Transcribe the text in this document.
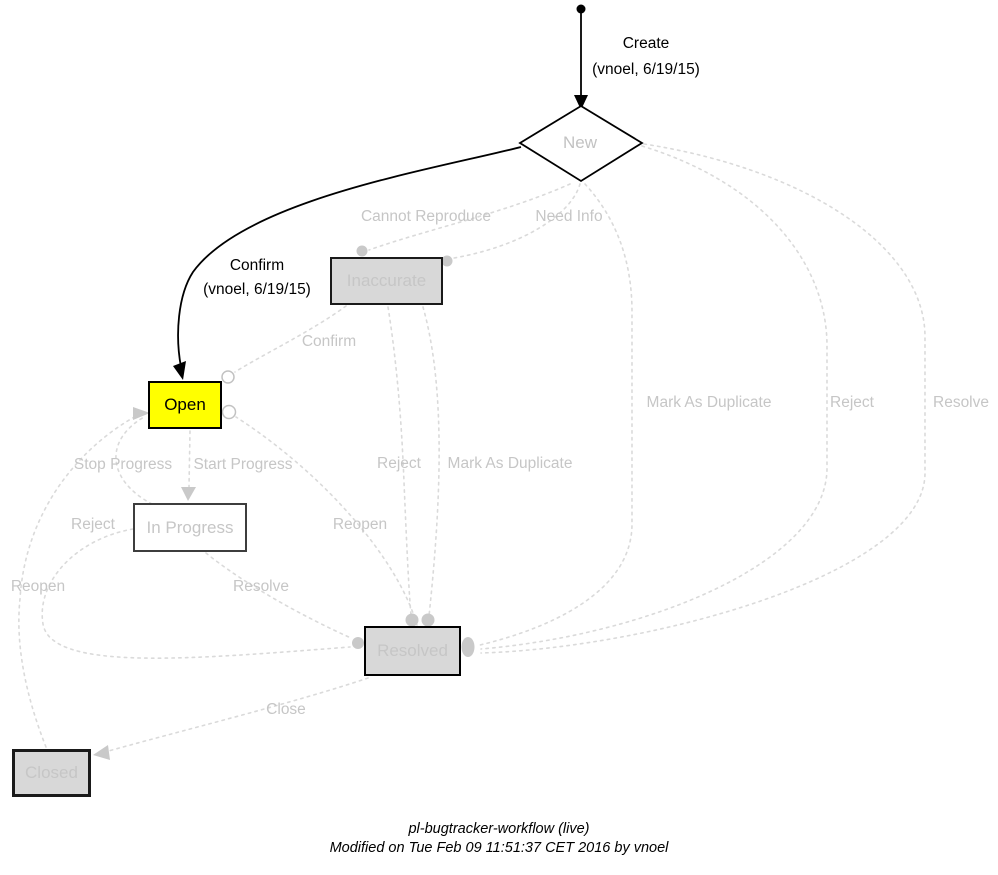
New
Inaccurate
Open
In Progress
Resolved
Closed
Cannot Reproduce	Need Info
Confirm
Mark As Duplicate	Reject	Resolve
Stop Progress Start Progress	Reject Mark As Duplicate
Reopen
Reject
Reopen	Resolve
Close
Create
(vnoel, 6/19/15)
Confirm
(vnoel, 6/19/15)
pl-bugtracker-workflow (live)
Modified on Tue Feb 09 11:51:37 CET 2016 by vnoel
